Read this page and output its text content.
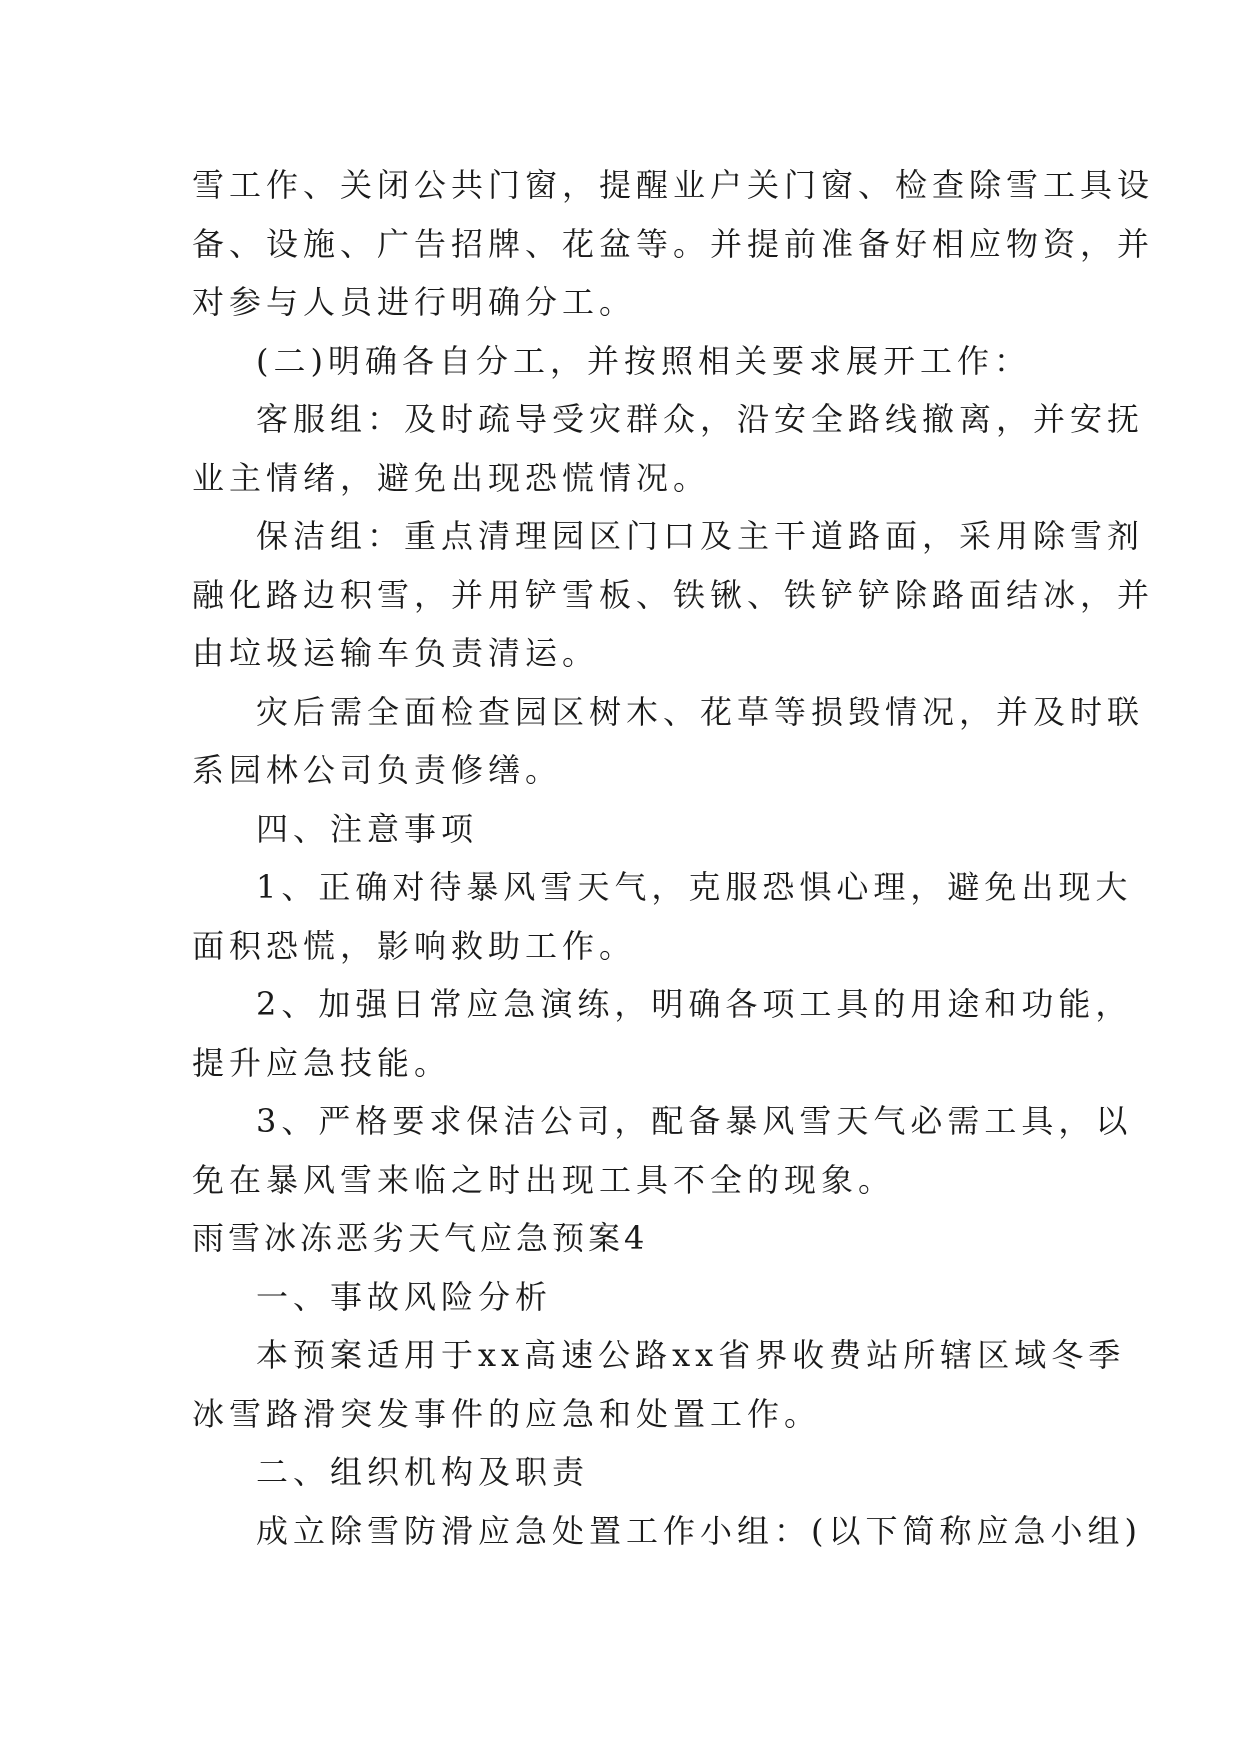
雪工作、关闭公共门窗，提醒业户关门窗、检查除雪工具设
备、设施、广告招牌、花盆等。并提前准备好相应物资，并
对参与人员进行明确分工。
(二)明确各自分工，并按照相关要求展开工作：
客服组：及时疏导受灾群众，沿安全路线撤离，并安抚
业主情绪，避免出现恐慌情况。
保洁组：重点清理园区门口及主干道路面，采用除雪剂
融化路边积雪，并用铲雪板、铁锹、铁铲铲除路面结冰，并
由垃圾运输车负责清运。
灾后需全面检查园区树木、花草等损毁情况，并及时联
系园林公司负责修缮。
四、注意事项
1、正确对待暴风雪天气，克服恐惧心理，避免出现大
面积恐慌，影响救助工作。
2、加强日常应急演练，明确各项工具的用途和功能，
提升应急技能。
3、严格要求保洁公司，配备暴风雪天气必需工具，以
免在暴风雪来临之时出现工具不全的现象。
雨雪冰冻恶劣天气应急预案4
一、事故风险分析
本预案适用于xx高速公路xx省界收费站所辖区域冬季
冰雪路滑突发事件的应急和处置工作。
二、组织机构及职责
成立除雪防滑应急处置工作小组：(以下简称应急小组)
